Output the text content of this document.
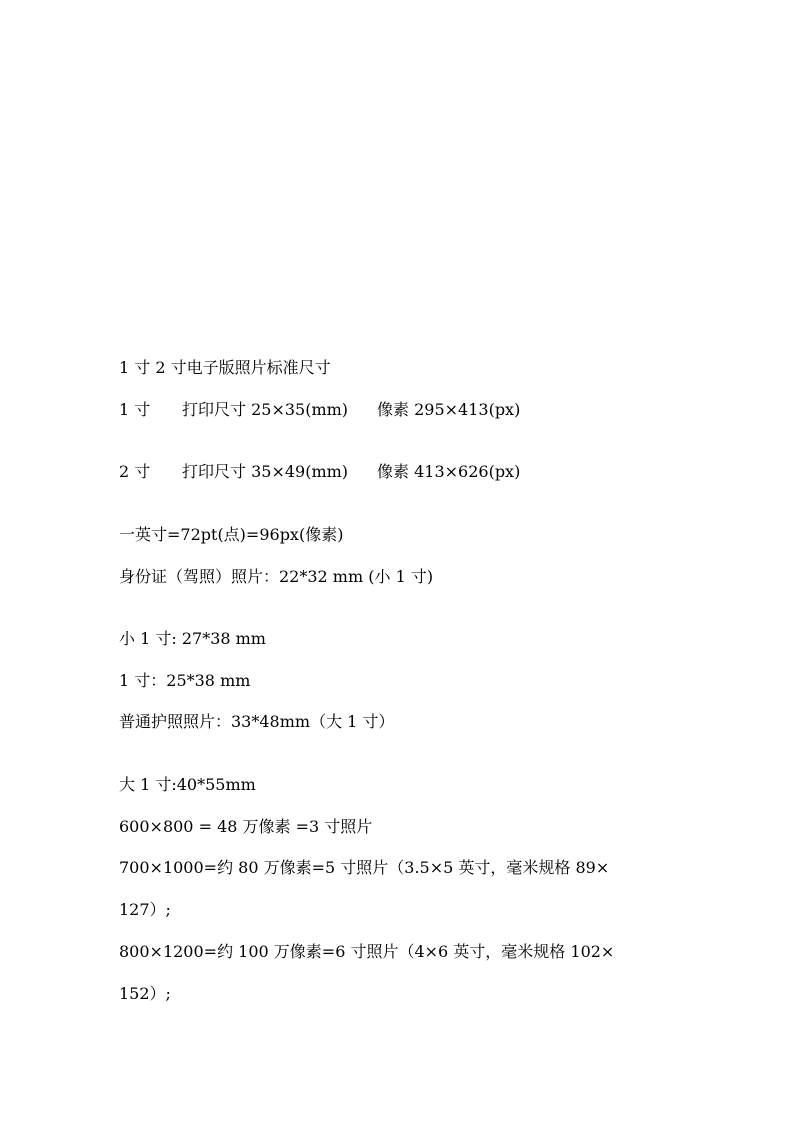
1 寸 2 寸电子版照片标准尺寸
1 寸 打印尺寸 25×35(mm) 像素 295×413(px)
2 寸 打印尺寸 35×49(mm) 像素 413×626(px)
一英寸=72pt(点)=96px(像素)
身份证（驾照）照片：22*32 mm (小 1 寸)
小 1 寸: 27*38 mm
1 寸：25*38 mm
普通护照照片：33*48mm（大 1 寸）
大 1 寸:40*55mm
600×800 = 48 万像素 =3 寸照片
700×1000=约 80 万像素=5 寸照片（3.5×5 英寸，毫米规格 89×
127）;
800×1200=约 100 万像素=6 寸照片（4×6 英寸，毫米规格 102×
152）;
